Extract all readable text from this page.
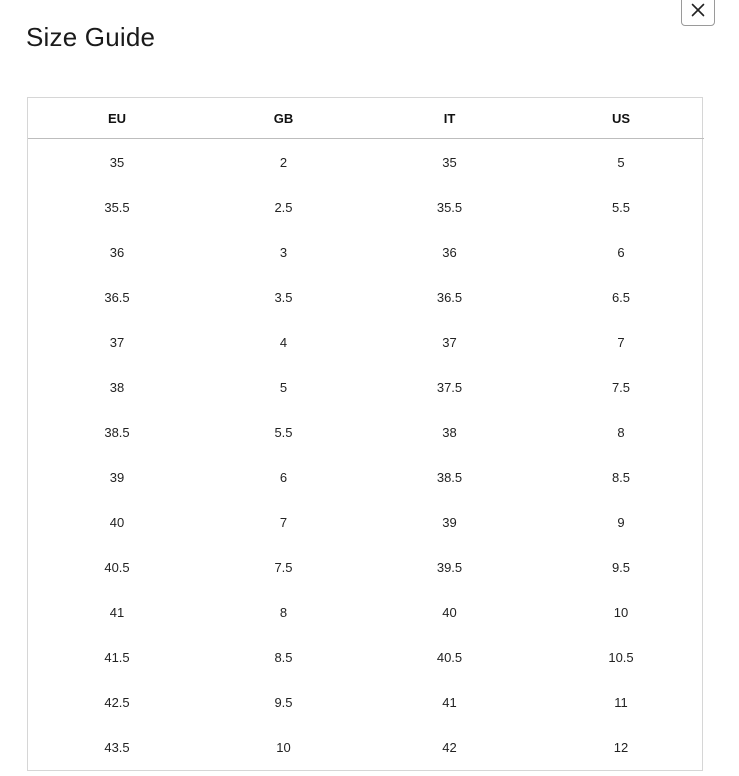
Size Guide
EU	GB	IT	US
35	2	35	5
35.5	2.5	35.5	5.5
36	3	36	6
36.5	3.5	36.5	6.5
37	4	37	7
38	5	37.5	7.5
38.5	5.5	38	8
39	6	38.5	8.5
40	7	39	9
40.5	7.5	39.5	9.5
41	8	40	10
41.5	8.5	40.5	10.5
42.5	9.5	41	11
43.5	10	42	12
